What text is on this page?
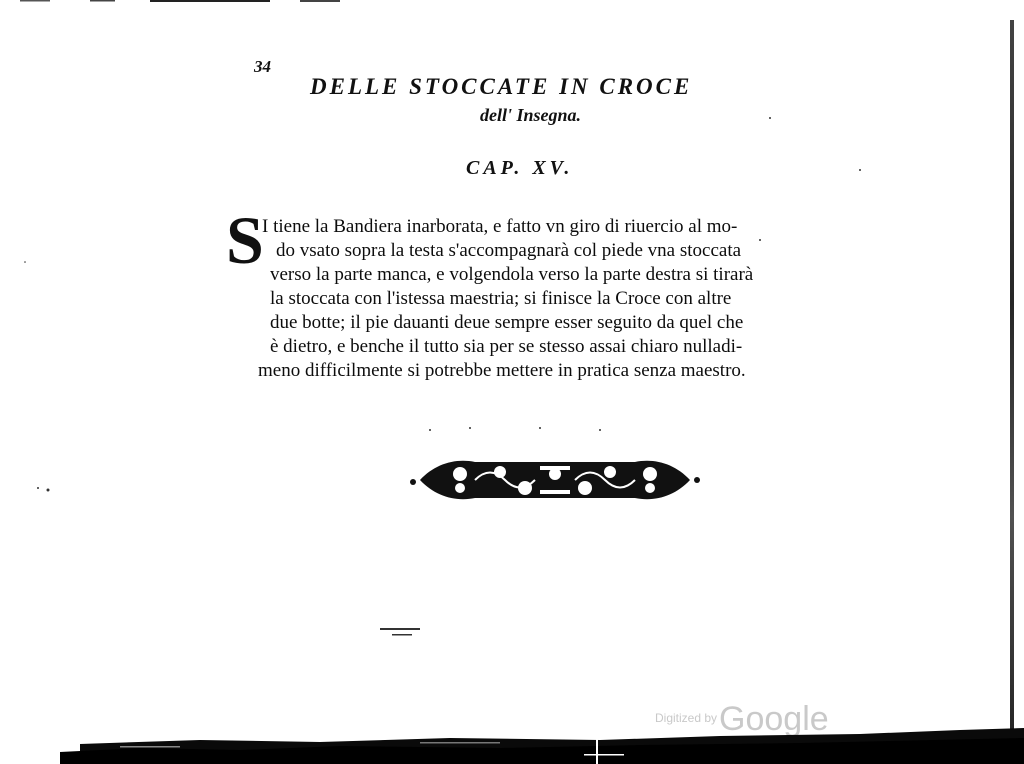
34
DELLE STOCCATE IN CROCE
dell' Insegna.
CAP. XV.
S
I tiene la Bandiera inarborata, e fatto vn giro di riuercio al mo-
do vsato sopra la testa s'accompagnarà col piede vna stoccata
verso la parte manca, e volgendola verso la parte destra si tirarà
la stoccata con l'istessa maestria; si finisce la Croce con altre
due botte; il pie dauanti deue sempre esser seguito da quel che
è dietro, e benche il tutto sia per se stesso assai chiaro nulladi-
meno difficilmente si potrebbe mettere in pratica senza maestro.
$^{Digitized by}$Google
